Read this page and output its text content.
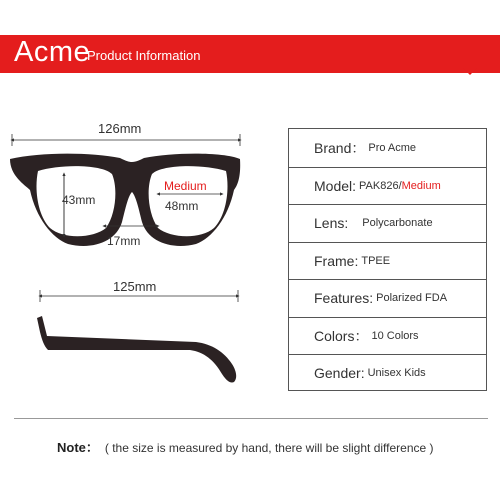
Acme
Product Information
126mm
43mm
Medium
48mm
17mm
125mm
Brand： Pro Acme
Model: PAK826/ Medium
Lens: Polycarbonate
Frame: TPEE
Features: Polarized FDA
Colors： 10 Colors
Gender: Unisex Kids
Note： ( the size is measured by hand, there will be slight difference )
